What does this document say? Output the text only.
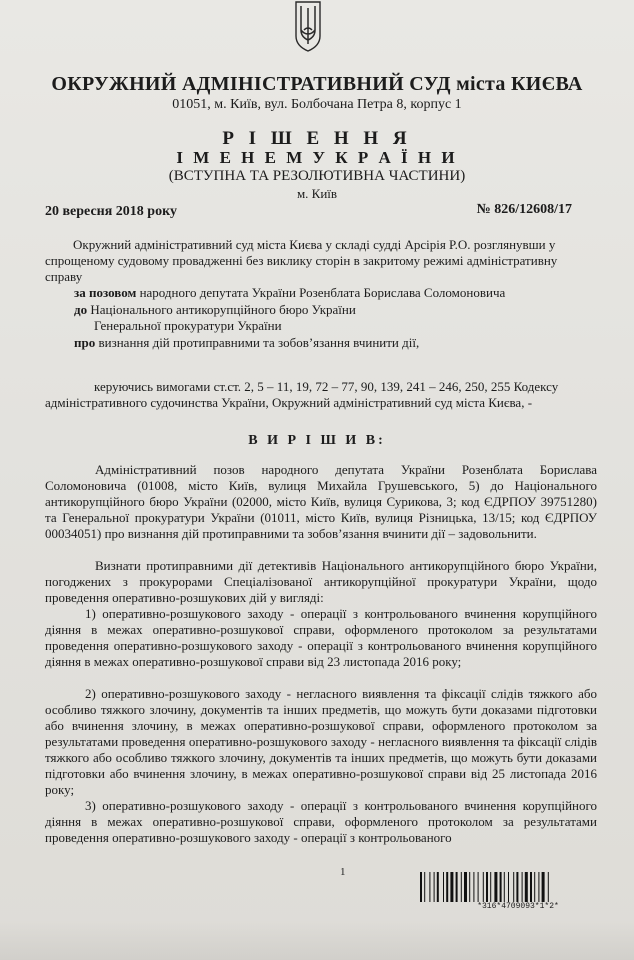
ОКРУЖНИЙ АДМІНІСТРАТИВНИЙ СУД міста КИЄВА
01051, м. Київ, вул. Болбочана Петра 8, корпус 1
Р І Ш Е Н Н Я
І М Е Н Е М У К Р А Ї Н И
(ВСТУПНА ТА РЕЗОЛЮТИВНА ЧАСТИНИ)
м. Київ
20 вересня 2018 року	№ 826/12608/17
Окружний адміністративний суд міста Києва у складі судді Арсірія Р.О. розглянувши у
спрощеному судовому провадженні без виклику сторін в закритому режимі адміністративну
справу
за позовом народного депутата України Розенблата Борислава Соломоновича
до Національного антикорупційного бюро України
Генеральної прокуратури України
про визнання дій протиправними та зобов’язання вчинити дії,
керуючись вимогами ст.ст. 2, 5 – 11, 19, 72 – 77, 90, 139, 241 – 246, 250, 255 Кодексу
адміністративного судочинства України, Окружний адміністративний суд міста Києва, -
В И Р І Ш И В:
Адміністративний позов народного депутата України Розенблата Борислава Соломоновича (01008, місто Київ, вулиця Михайла Грушевського, 5) до Національного антикорупційного бюро України (02000, місто Київ, вулиця Сурикова, 3; код ЄДРПОУ 39751280) та Генеральної прокуратури України (01011, місто Київ, вулиця Різницька, 13/15; код ЄДРПОУ 00034051) про визнання дій протиправними та зобов’язання вчинити дії – задовольнити.
Визнати протиправними дії детективів Національного антикорупційного бюро України, погоджених з прокурорами Спеціалізованої антикорупційної прокуратури України, щодо проведення оперативно-розшукових дій у вигляді:
1) оперативно-розшукового заходу - операції з контрольованого вчинення корупційного діяння в межах оперативно-розшукової справи, оформленого протоколом за результатами проведення оперативно-розшукового заходу - операції з контрольованого вчинення корупційного діяння в межах оперативно-розшукової справи від 23 листопада 2016 року;
2) оперативно-розшукового заходу - негласного виявлення та фіксації слідів тяжкого або особливо тяжкого злочину, документів та інших предметів, що можуть бути доказами підготовки або вчинення злочину, в межах оперативно-розшукової справи, оформленого протоколом за результатами проведення оперативно-розшукового заходу - негласного виявлення та фіксації слідів тяжкого або особливо тяжкого злочину, документів та інших предметів, що можуть бути доказами підготовки або вчинення злочину, в межах оперативно-розшукової справи від 25 листопада 2016 року;
3) оперативно-розшукового заходу - операції з контрольованого вчинення корупційного діяння в межах оперативно-розшукової справи, оформленого протоколом за результатами проведення оперативно-розшукового заходу - операції з контрольованого
1
*316*4709093*1*2*
